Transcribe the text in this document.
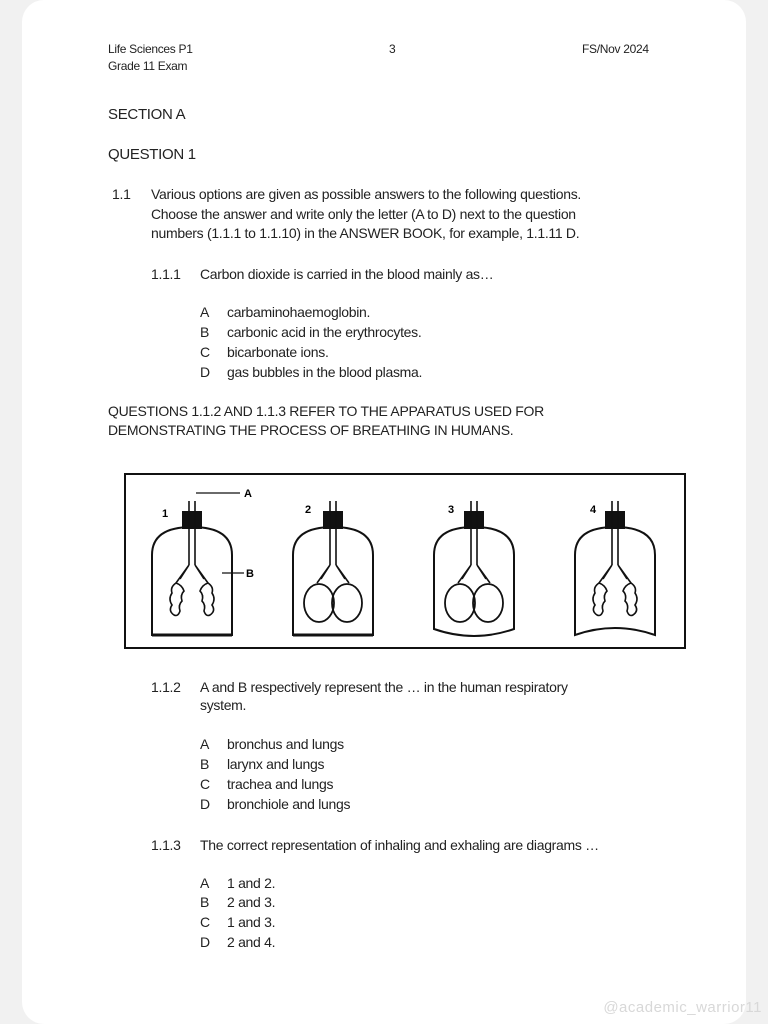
Life Sciences P1
Grade 11 Exam
3	FS/Nov 2024
SECTION A
QUESTION 1
1.1 Various options are given as possible answers to the following questions.
Choose the answer and write only the letter (A to D) next to the question
numbers (1.1.1 to 1.1.10) in the ANSWER BOOK, for example, 1.1.11 D.
1.1.1 Carbon dioxide is carried in the blood mainly as…
A carbaminohaemoglobin.
B carbonic acid in the erythrocytes.
C bicarbonate ions.
D gas bubbles in the blood plasma.
QUESTIONS 1.1.2 AND 1.1.3 REFER TO THE APPARATUS USED FOR
DEMONSTRATING THE PROCESS OF BREATHING IN HUMANS.
1	2	3	4
A
B
1.1.2 A and B respectively represent the … in the human respiratory
system.
A bronchus and lungs
B larynx and lungs
C trachea and lungs
D bronchiole and lungs
1.1.3 The correct representation of inhaling and exhaling are diagrams …
A 1 and 2.
B 2 and 3.
C 1 and 3.
D 2 and 4.
@academic_warrior11
